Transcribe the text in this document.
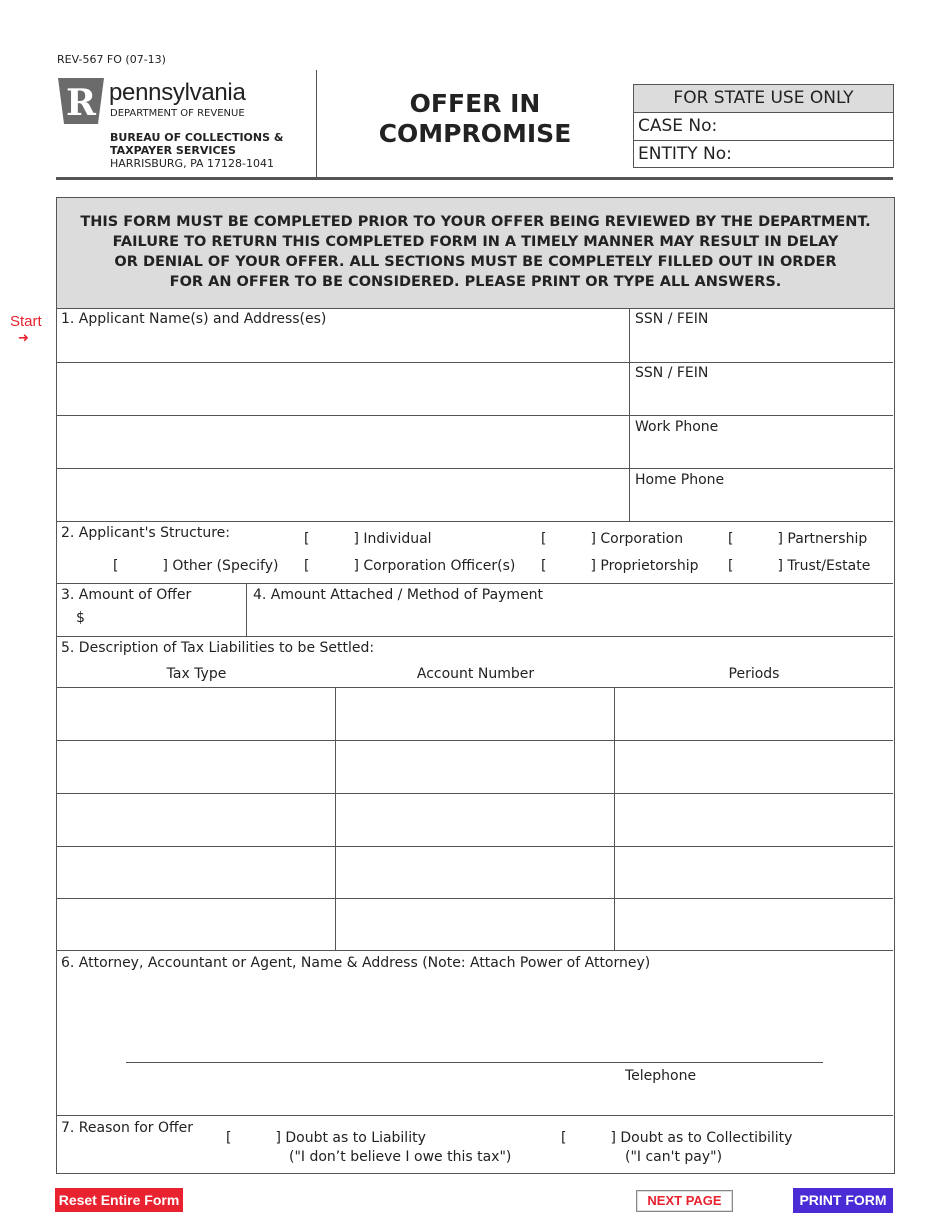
REV-567 FO (07-13)
R pennsylvania
DEPARTMENT OF REVENUE
BUREAU OF COLLECTIONS &
TAXPAYER SERVICES
HARRISBURG, PA 17128-1041
OFFER IN
COMPROMISE
FOR STATE USE ONLY
CASE No:
ENTITY No:
THIS FORM MUST BE COMPLETED PRIOR TO YOUR OFFER BEING REVIEWED BY THE DEPARTMENT.
FAILURE TO RETURN THIS COMPLETED FORM IN A TIMELY MANNER MAY RESULT IN DELAY
OR DENIAL OF YOUR OFFER. ALL SECTIONS MUST BE COMPLETELY FILLED OUT IN ORDER
FOR AN OFFER TO BE CONSIDERED. PLEASE PRINT OR TYPE ALL ANSWERS.
Start
➜
1. Applicant Name(s) and Address(es)	SSN / FEIN
SSN / FEIN
Work Phone
Home Phone
2. Applicant's Structure:	[	] Individual	[	] Corporation	[	] Partnership
[	] Other (Specify) [	] Corporation Officer(s) [	] Proprietorship [	] Trust/Estate
3. Amount of Offer
$
4. Amount Attached / Method of Payment
5. Description of Tax Liabilities to be Settled:
Tax Type	Account Number	Periods
6. Attorney, Accountant or Agent, Name & Address (Note: Attach Power of Attorney)
Telephone
7. Reason for Offer
[	] Doubt as to Liability
("I don’t believe I owe this tax")
[	] Doubt as to Collectibility
("I can't pay")
Reset Entire Form	NEXT PAGE	PRINT FORM
